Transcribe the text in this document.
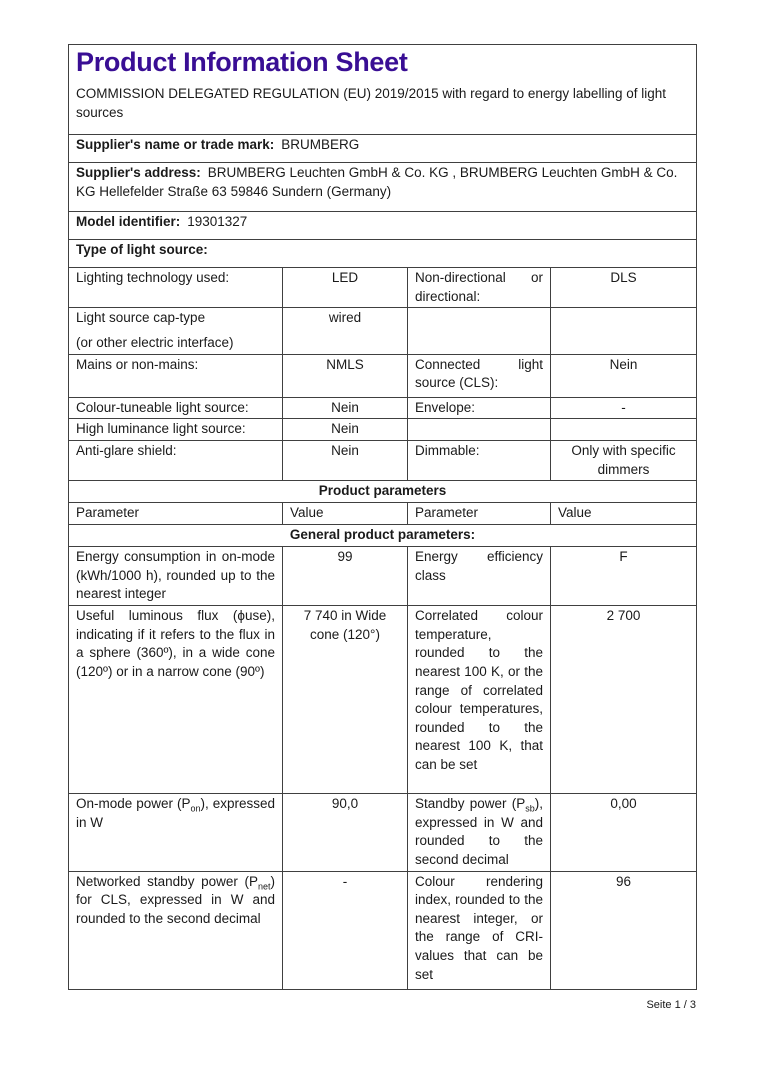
Product Information Sheet

COMMISSION DELEGATED REGULATION (EU) 2019/2015 with regard to energy labelling of light sources

Supplier's name or trade mark: BRUMBERG			
Supplier's address: BRUMBERG Leuchten GmbH & Co. KG , BRUMBERG Leuchten GmbH & Co. KG Hellefelder Straße 63 59846 Sundern (Germany)			
Model identifier: 19301327			
Type of light source:			
Lighting technology used:	LED	Non-directional or directional:	DLS

Light source cap-type
(or other electric interface)	wired		
Mains or non-mains:	NMLS	Connected light source (CLS):	Nein
Colour-tuneable light source:	Nein	Envelope:	-
High luminance light source:	Nein		
Anti-glare shield:	Nein	Dimmable:	Only with specific dimmers
Product parameters			
Parameter	Value	Parameter	Value
General product parameters:			
Energy consumption in on-mode (kWh/1000 h), rounded up to the nearest integer	99	Energy efficiency class	F
Useful luminous flux (ϕuse), indicating if it refers to the flux in a sphere (360º), in a wide cone (120º) or in a narrow cone (90º)	7 740 in Wide cone (120°)	Correlated colour temperature, rounded to the nearest 100 K, or the range of correlated colour temperatures, rounded to the nearest 100 K, that can be set	2 700
On-mode power $(P_{on})$, expressed in W	90,0	Standby power $(P_{sb})$, expressed in W and rounded to the second decimal	0,00
Networked standby power $(P_{net})$ for CLS, expressed in W and rounded to the second decimal	-	Colour rendering index, rounded to the nearest integer, or the range of CRI-values that can be set	96
Seite 1 / 3
